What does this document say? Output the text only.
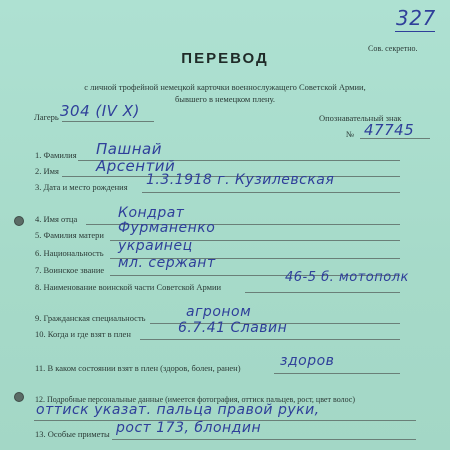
327
Сов. секретно.
ПЕРЕВОД
с личной трофейной немецкой карточки военнослужащего Советской Армии,
бывшего в немецком плену.
Лагерь 304 (IV X)	Опознавательный знак
№ 47745
1. Фамилия Пашнай
2. Имя Арсентий
3. Дата и место рождения 1.3.1918 г. Кузилевская
4. Имя отца	Кондрат
5. Фамилия матери Фурманенко
6. Национальность украинец
7. Воинское звание мл. сержант
8. Наименование воинской части Советской Армии
46-5 б. мотополк
9. Гражданская специальность	агроном
10. Когда и где взят в плен	6.7.41 Славин
11. В каком состоянии взят в плен (здоров, болен, ранен)	здоров
12. Подробные персональные данные (имеется фотография, оттиск пальцев, рост, цвет волос)
оттиск указат. пальца правой руки,
13. Особые приметы рост 173, блондин
